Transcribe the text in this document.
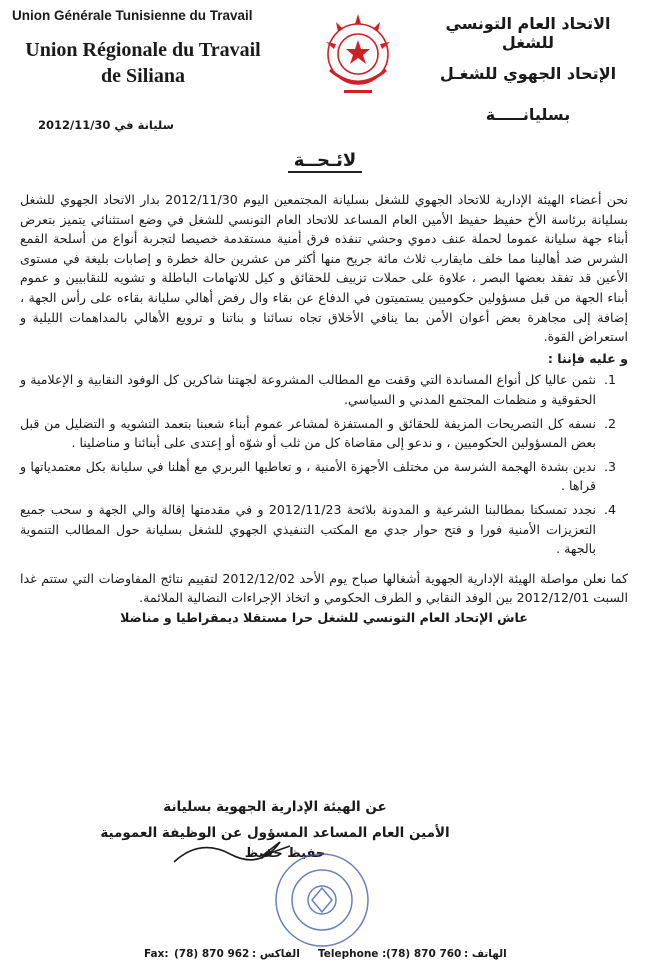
Union Générale Tunisienne du Travail
Union Régionale du Travail
de Siliana
سليانة في 2012/11/30
الاتحاد العام التونسي للشغل
الإتحاد الجهوي للشغـل
بسليانـــــة
لائـحــة

نحن أعضاء الهيئة الإدارية للاتحاد الجهوي للشغل بسليانة المجتمعين اليوم 2012/11/30 بدار الاتحاد الجهوي للشغل بسليانة برئاسة الأخ حفيظ حفيظ الأمين العام المساعد للاتحاد العام التونسي للشغل في وضع استثنائي يتميز بتعرض أبناء جهة سليانة عموما لحملة عنف دموي وحشي تنفذه فرق أمنية مستقدمة خصيصا لتجربة أنواع من أسلحة القمع الشرس ضد أهالينا مما خلف مايقارب ثلاث مائة جريح منها أكثر من عشرين حالة خطرة و إصابات بليغة في مستوى الأعين قد تفقد بعضها البصر ، علاوة على حملات تزييف للحقائق و كيل للاتهامات الباطلة و تشويه للنقابيين و عموم أبناء الجهة من قبل مسؤولين حكوميين يستميتون في الدفاع عن بقاء وال رفض أهالي سليانة بقاءه على رأس الجهة ، إضافة إلى مجاهرة بعض أعوان الأمن بما ينافي الأخلاق تجاه نسائنا و بناتنا و ترويع الأهالي بالمداهمات الليلية و استعراض القوة.

و عليه فإننا :

1. نثمن عاليا كل أنواع المساندة التي وقفت مع المطالب المشروعة لجهتنا شاكرين كل الوفود النقابية و الإعلامية و الحقوقية و منظمات المجتمع المدني و السياسي.
2. نسفه كل التصريحات المزيفة للحقائق و المستفزة لمشاعر عموم أبناء شعبنا بتعمد التشويه و التضليل من قبل بعض المسؤولين الحكوميين ، و ندعو إلى مقاضاة كل من ثلب أو شوّه أو إعتدى على أبنائنا و مناضلينا .
3. ندين بشدة الهجمة الشرسة من مختلف الأجهزة الأمنية ، و تعاطيها البربري مع أهلنا في سليانة بكل معتمدياتها و قراها .
4. نجدد تمسكنا بمطالبنا الشرعية و المدونة بلائحة 2012/11/23 و في مقدمتها إقالة والي الجهة و سحب جميع التعزيزات الأمنية فورا و فتح حوار جدي مع المكتب التنفيذي الجهوي للشغل بسليانة حول المطالب التنموية بالجهة .

كما نعلن مواصلة الهيئة الإدارية الجهوية أشغالها صباح يوم الأحد 2012/12/02 لتقييم نتائج المفاوضات التي ستتم غدا السبت 2012/12/01 بين الوفد النقابي و الطرف الحكومي و اتخاذ الإجراءات النضالية الملائمة.

عاش الإتحاد العام التونسي للشغل حرا مستقلا ديمقراطيا و مناضلا

عن الهيئة الإدارية الجهوية بسليانة
الأمين العام المساعد المسؤول عن الوظيفة العمومية
حفيظ حفيظ
Fax: (78) 870 962 الفاكس : Telephone : (78) 870 760 الهاتف :
